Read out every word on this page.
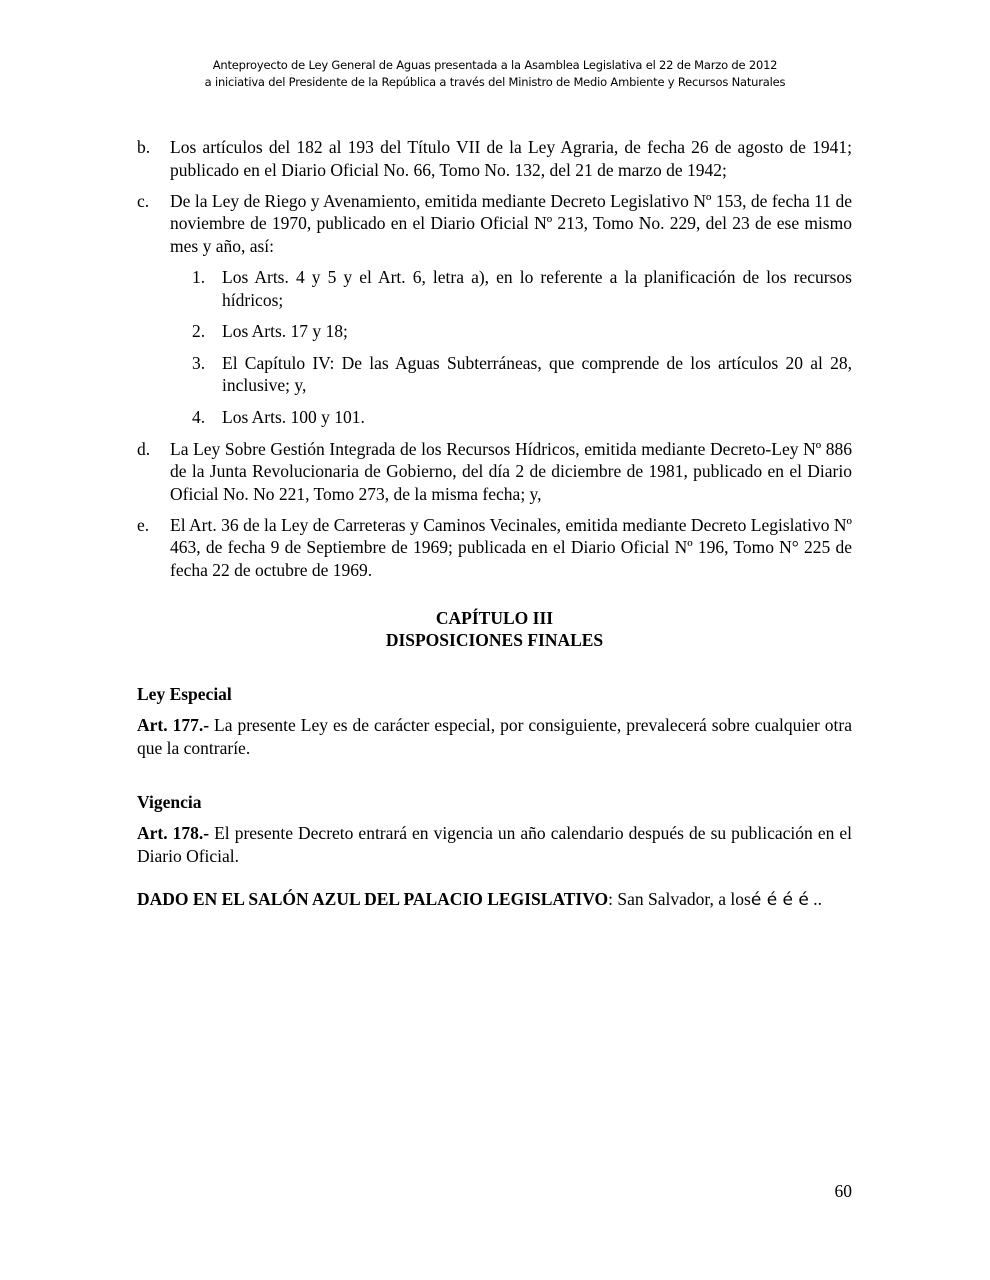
Anteproyecto de Ley General de Aguas presentada a la Asamblea Legislativa el 22 de Marzo de 2012
a iniciativa del Presidente de la República a través del Ministro de Medio Ambiente y Recursos Naturales
b.	Los artículos del 182 al 193 del Título VII de la Ley Agraria, de fecha 26 de agosto de 1941; publicado en el Diario Oficial No. 66, Tomo No. 132, del 21 de marzo de 1942;
c.	De la Ley de Riego y Avenamiento, emitida mediante Decreto Legislativo Nº 153, de fecha 11 de noviembre de 1970, publicado en el Diario Oficial Nº 213, Tomo No. 229, del 23 de ese mismo mes y año, así:
1. Los Arts. 4 y 5 y el Art. 6, letra a), en lo referente a la planificación de los recursos hídricos;
2. Los Arts. 17 y 18;
3. El Capítulo IV: De las Aguas Subterráneas, que comprende de los artículos 20 al 28, inclusive; y,
4. Los Arts. 100 y 101.
d.	La Ley Sobre Gestión Integrada de los Recursos Hídricos, emitida mediante Decreto-Ley Nº 886 de la Junta Revolucionaria de Gobierno, del día 2 de diciembre de 1981, publicado en el Diario Oficial No. No 221, Tomo 273, de la misma fecha; y,
e.	El Art. 36 de la Ley de Carreteras y Caminos Vecinales, emitida mediante Decreto Legislativo Nº 463, de fecha 9 de Septiembre de 1969; publicada en el Diario Oficial Nº 196, Tomo N° 225 de fecha 22 de octubre de 1969.
CAPÍTULO III
DISPOSICIONES FINALES
Ley Especial
Art. 177.- La presente Ley es de carácter especial, por consiguiente, prevalecerá sobre cualquier otra que la contraríe.
Vigencia
Art. 178.- El presente Decreto entrará en vigencia un año calendario después de su publicación en el Diario Oficial.
DADO EN EL SALÓN AZUL DEL PALACIO LEGISLATIVO: San Salvador, a losé é é é ..
60
